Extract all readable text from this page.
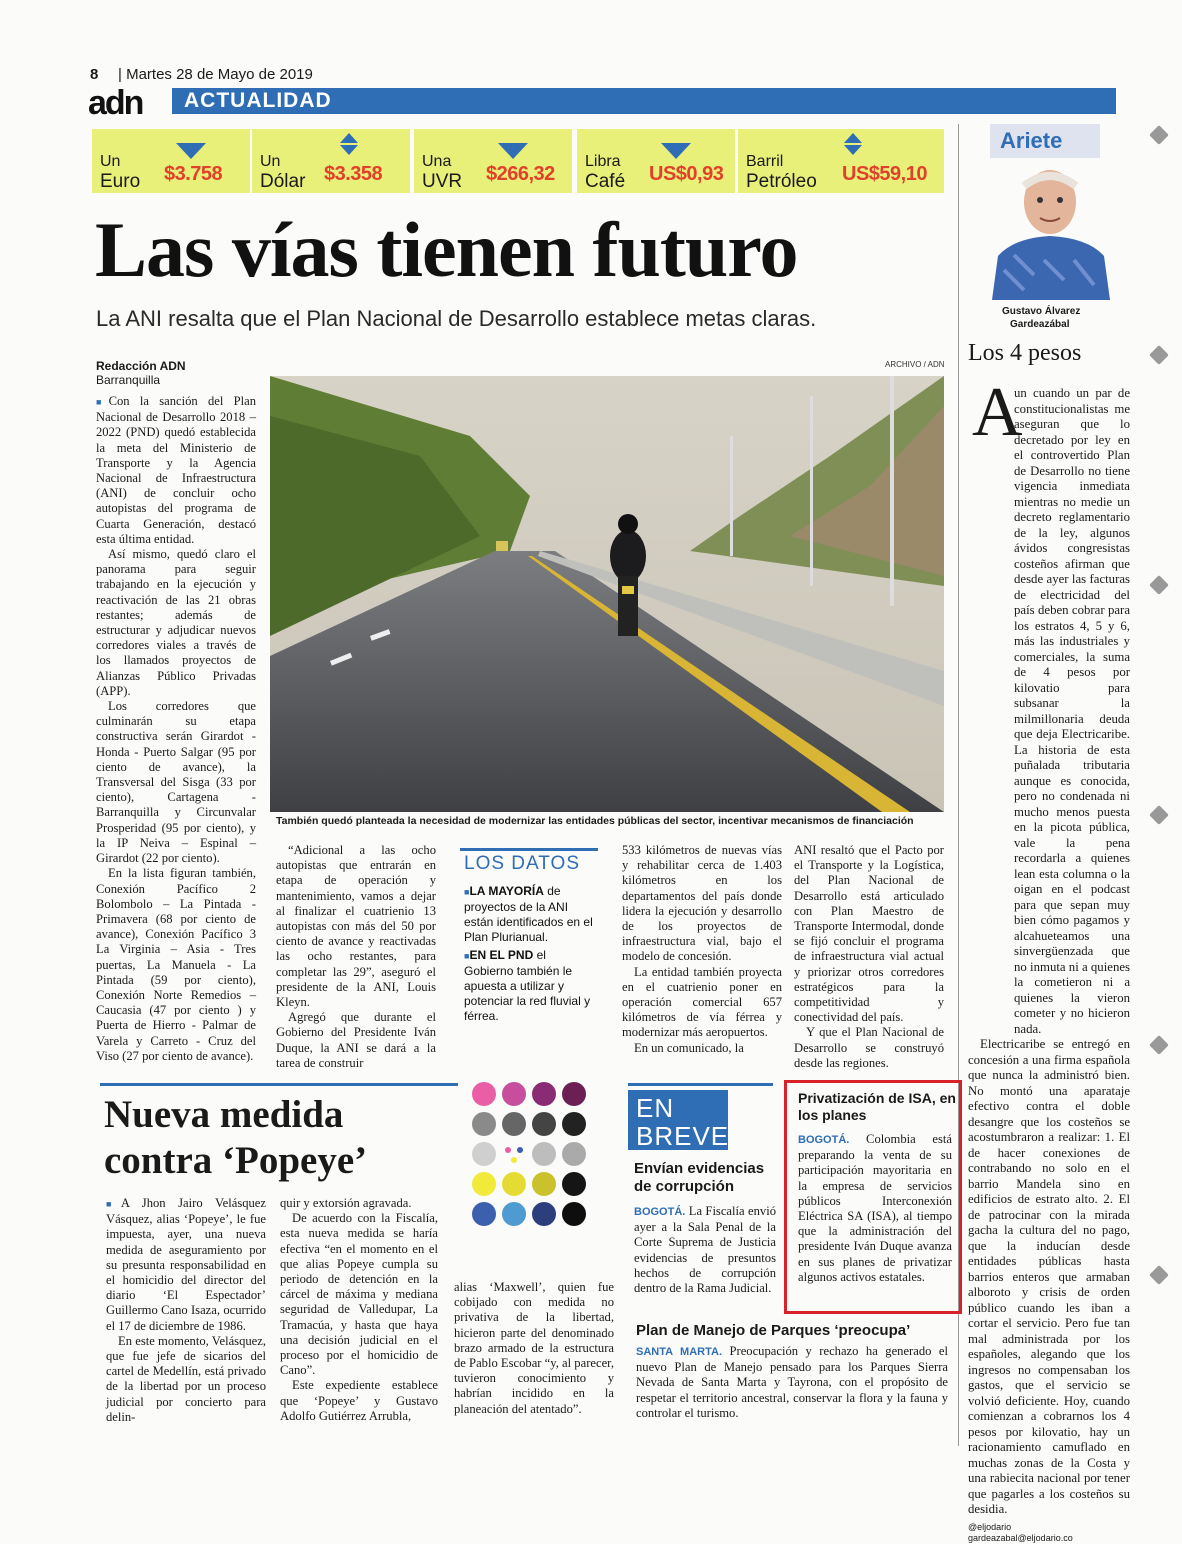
8
|	Martes 28 de Mayo de 2019
adn ACTUALIDAD
Un
Euro $3.758
Un
Dólar $3.358
Una
UVR $266,32
Libra
Café US$0,93
Barril
Petróleo US$59,10
Las vías tienen futuro
La ANI resalta que el Plan Nacional de Desarrollo establece metas claras.
Redacción ADN
Barranquilla
ARCHIVO / ADN
También quedó planteada la necesidad de modernizar las entidades públicas del sector, incentivar mecanismos de financiación

■ Con la sanción del Plan Nacional de Desarrollo 2018 – 2022 (PND) quedó establecida la meta del Ministerio de Transporte y la Agencia Nacional de Infraestructura (ANI) de concluir ocho autopistas del programa de Cuarta Generación, destacó esta última entidad.

Así mismo, quedó claro el panorama para seguir trabajando en la ejecución y reactivación de las 21 obras restantes; además de estructurar y adjudicar nuevos corredores viales a través de los llamados proyectos de Alianzas Público Privadas (APP).

Los corredores que culminarán su etapa constructiva serán Girardot - Honda - Puerto Salgar (95 por ciento de avance), la Transversal del Sisga (33 por ciento), Cartagena - Barranquilla y Circunvalar Prosperidad (95 por ciento), y la IP Neiva – Espinal – Girardot (22 por ciento).

En la lista figuran también, Conexión Pacífico 2 Bolombolo – La Pintada - Primavera (68 por ciento de avance), Conexión Pacífico 3 La Virginia – Asia - Tres puertas, La Manuela - La Pintada (59 por ciento), Conexión Norte Remedios – Caucasia (47 por ciento ) y Puerta de Hierro - Palmar de Varela y Carreto - Cruz del Viso (27 por ciento de avance).

“Adicional a las ocho autopistas que entrarán en etapa de operación y mantenimiento, vamos a dejar al finalizar el cuatrienio 13 autopistas con más del 50 por ciento de avance y reactivadas las ocho restantes, para completar las 29”, aseguró el presidente de la ANI, Louis Kleyn.

Agregó que durante el Gobierno del Presidente Iván Duque, la ANI se dará a la tarea de construir

LOS DATOS
■ LA MAYORÍA de proyectos de la ANI están identificados en el Plan Plurianual.
■ EN EL PND el Gobierno también le apuesta a utilizar y potenciar la red fluvial y férrea.

533 kilómetros de nuevas vías y rehabilitar cerca de 1.403 kilómetros en los departamentos del país donde lidera la ejecución y desarrollo de los proyectos de infraestructura vial, bajo el modelo de concesión.

La entidad también proyecta en el cuatrienio poner en operación comercial 657 kilómetros de vía férrea y modernizar más aeropuertos.

En un comunicado, la

ANI resaltó que el Pacto por el Transporte y la Logística, del Plan Nacional de Desarrollo está articulado con Plan Maestro de Transporte Intermodal, donde se fijó concluir el programa de infraestructura vial actual y priorizar otros corredores estratégicos para la competitividad y conectividad del país.

Y que el Plan Nacional de Desarrollo se construyó desde las regiones.

Ariete
Gustavo Álvarez
Gardeazábal
Los 4 pesos
A
un cuando un par de constitucionalistas me aseguran que lo decretado por ley en el controvertido Plan de Desarrollo no tiene vigencia inmediata mientras no medie un decreto reglamentario de la ley, algunos ávidos congresistas costeños afirman que desde ayer las facturas de electricidad del país deben cobrar para los estratos 4, 5 y 6, más las industriales y comerciales, la suma de 4 pesos por kilovatio para subsanar la milmillonaria deuda que deja Electricaribe. La historia de esta puñalada tributaria aunque es conocida, pero no condenada ni mucho menos puesta en la picota pública, vale la pena recordarla a quienes lean esta columna o la oigan en el podcast para que sepan muy bien cómo pagamos y alcahueteamos una sinvergüenzada que no inmuta ni a quienes la cometieron ni a quienes la vieron cometer y no hicieron nada.

Electricaribe se entregó en concesión a una firma española que nunca la administró bien. No montó una aparataje efectivo contra el doble desangre que los costeños se acostumbraron a realizar: 1. El de hacer conexiones de contrabando no solo en el barrio Mandela sino en edificios de estrato alto. 2. El de patrocinar con la mirada gacha la cultura del no pago, que la inducían desde entidades públicas hasta barrios enteros que armaban alboroto y crisis de orden público cuando les iban a cortar el servicio. Pero fue tan mal administrada por los españoles, alegando que los ingresos no compensaban los gastos, que el servicio se volvió deficiente. Hoy, cuando comienzan a cobrarnos los 4 pesos por kilovatio, hay un racionamiento camuflado en muchas zonas de la Costa y una rabiecita nacional por tener que pagarles a los costeños su desidia.

@eljodario
gardeazabal@eljodario.co
Nueva medida contra ‘Popeye’

■ A Jhon Jairo Velásquez Vásquez, alias ‘Popeye’, le fue impuesta, ayer, una nueva medida de aseguramiento por su presunta responsabilidad en el homicidio del director del diario ‘El Espectador’ Guillermo Cano Isaza, ocurrido el 17 de diciembre de 1986.

En este momento, Velásquez, que fue jefe de sicarios del cartel de Medellín, está privado de la libertad por un proceso judicial por concierto para delin-

quir y extorsión agravada.

De acuerdo con la Fiscalía, esta nueva medida se haría efectiva “en el momento en el que alias Popeye cumpla su periodo de detención en la cárcel de máxima y mediana seguridad de Valledupar, La Tramacúa, y hasta que haya una decisión judicial en el proceso por el homicidio de Cano”.

Este expediente establece que ‘Popeye’ y Gustavo Adolfo Gutiérrez Arrubla,

alias ‘Maxwell’, quien fue cobijado con medida no privativa de la libertad, hicieron parte del denominado brazo armado de la estructura de Pablo Escobar “y, al parecer, tuvieron conocimiento y habrían incidido en la planeación del atentado”.

EN BREVE
Envían evidencias de corrupción
BOGOTÁ. La Fiscalía envió ayer a la Sala Penal de la Corte Suprema de Justicia evidencias de presuntos hechos de corrupción dentro de la Rama Judicial.
Privatización de ISA, en los planes
BOGOTÁ. Colombia está preparando la venta de su participación mayoritaria en la empresa de servicios públicos Interconexión Eléctrica SA (ISA), al tiempo que la administración del presidente Iván Duque avanza en sus planes de privatizar algunos activos estatales.
Plan de Manejo de Parques ‘preocupa’
SANTA MARTA. Preocupación y rechazo ha generado el nuevo Plan de Manejo pensado para los Parques Sierra Nevada de Santa Marta y Tayrona, con el propósito de respetar el territorio ancestral, conservar la flora y la fauna y controlar el turismo.
